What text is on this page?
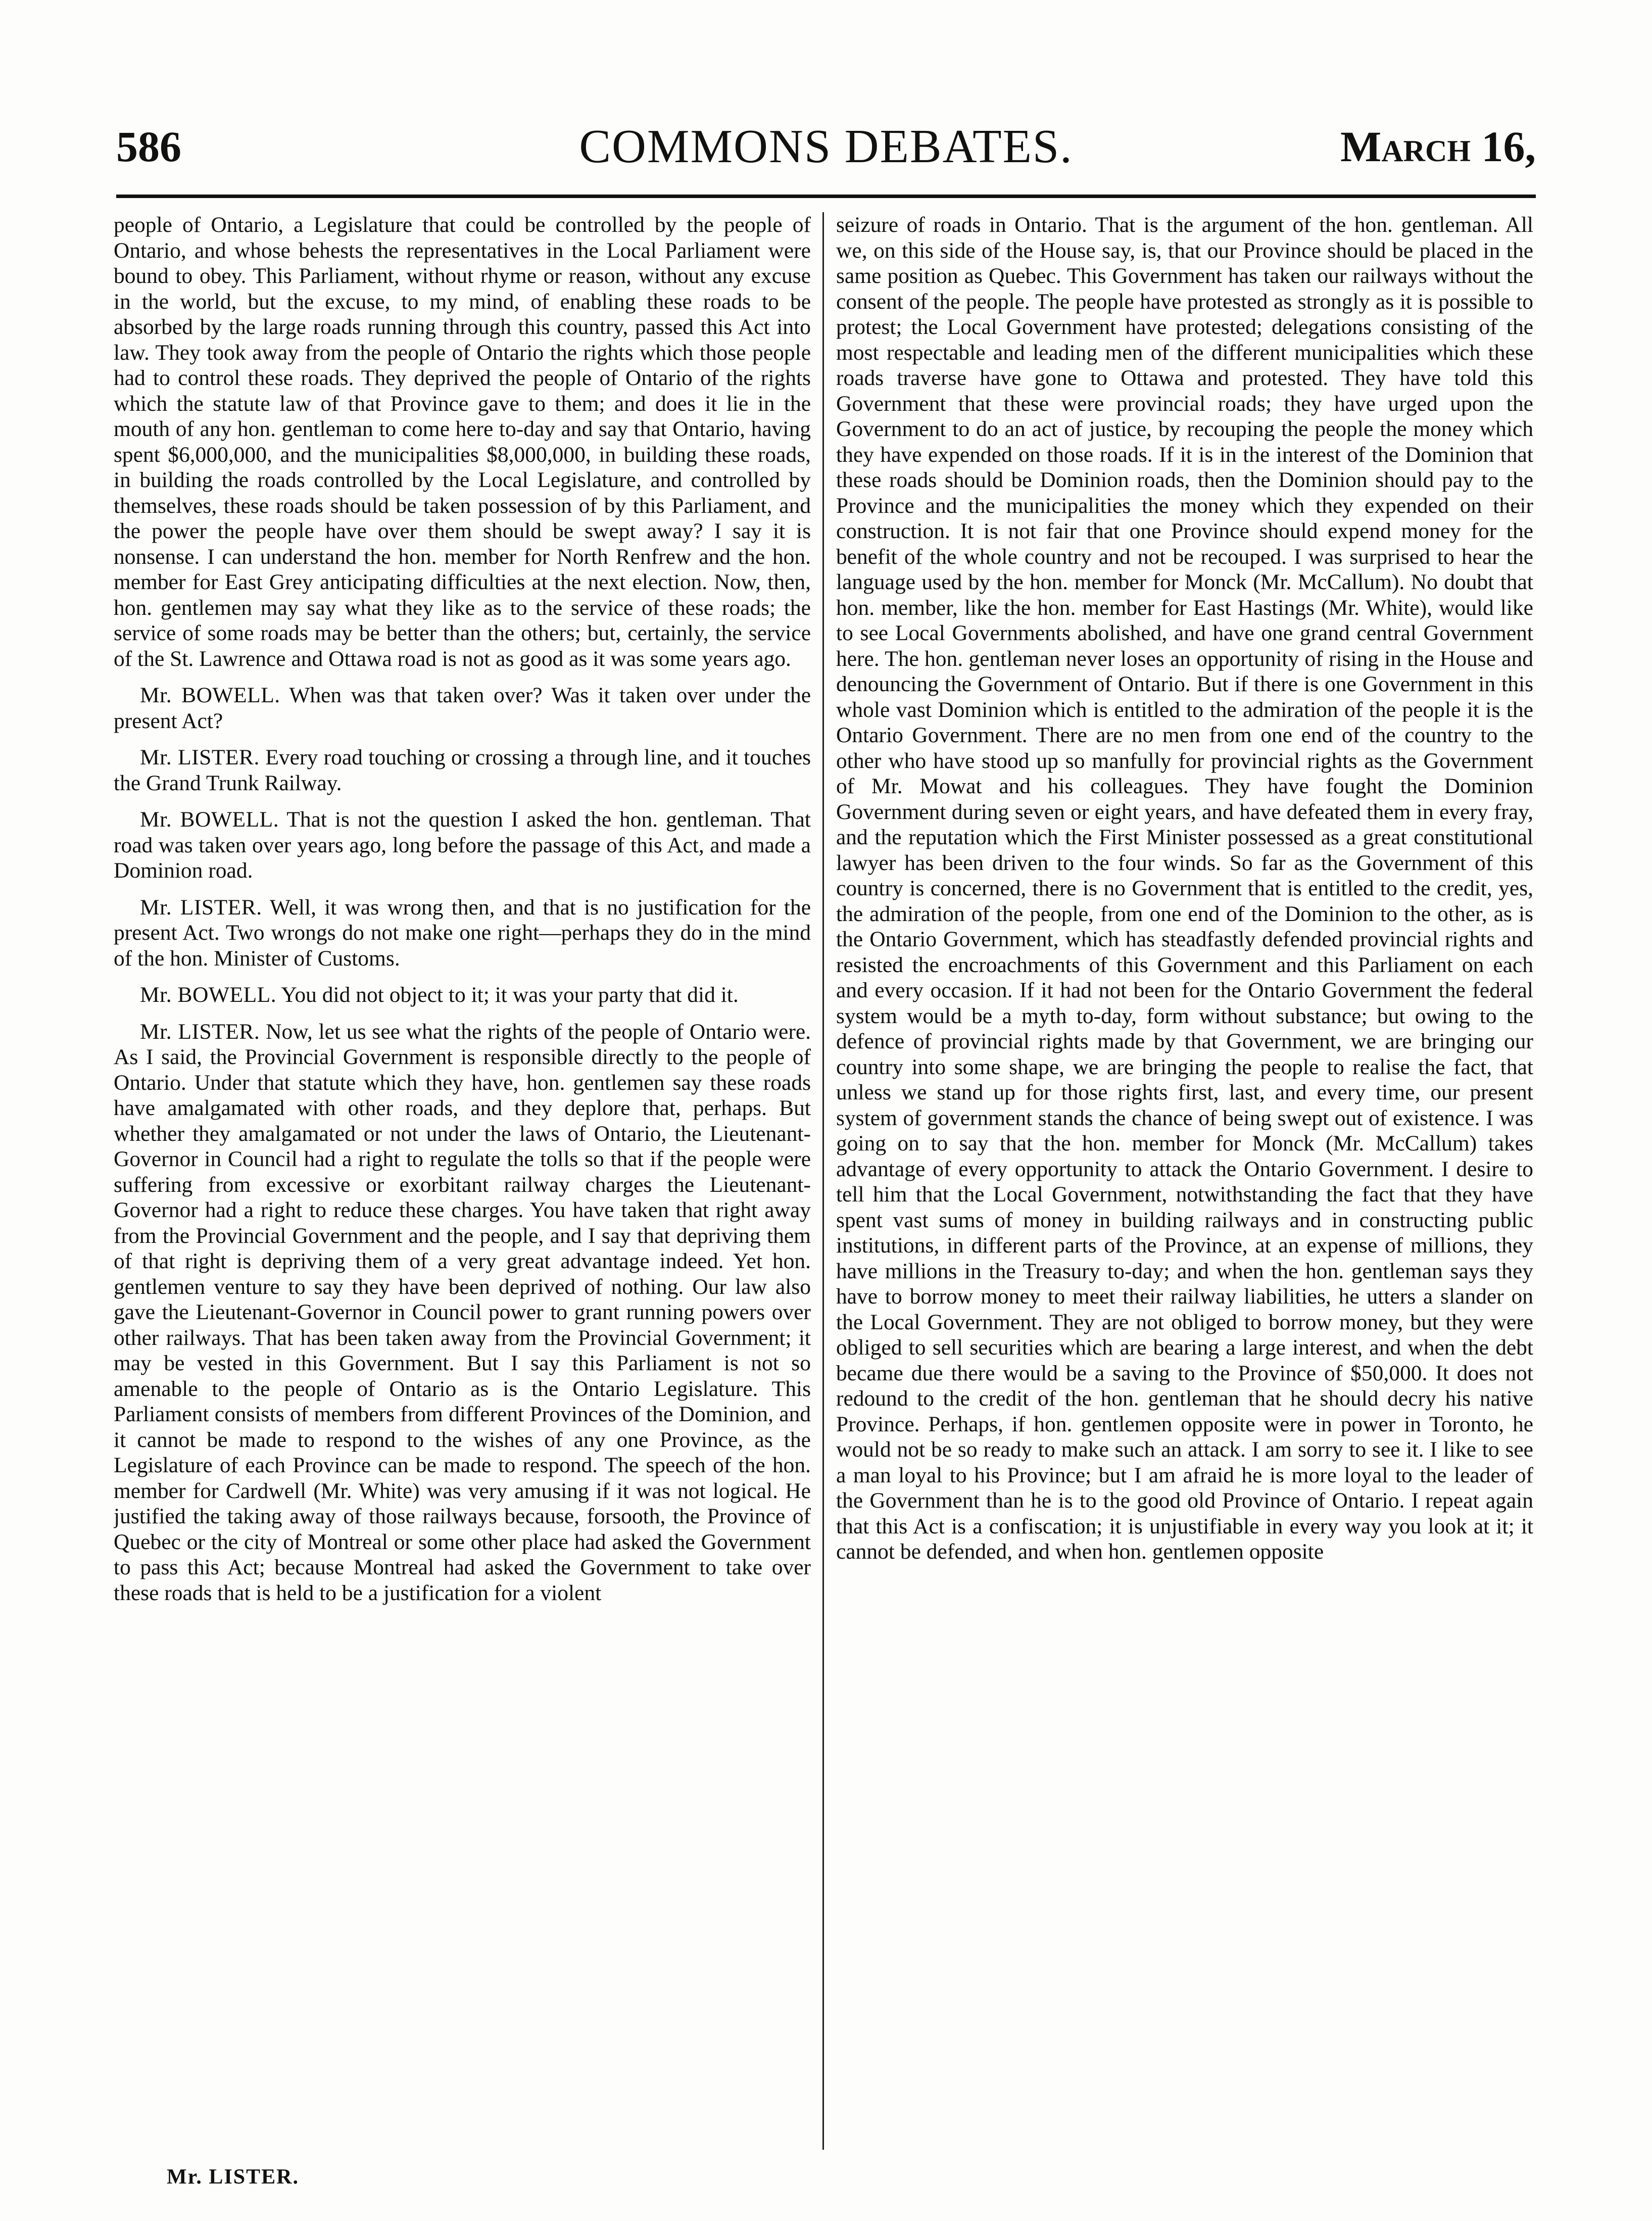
586	COMMONS DEBATES.	March 16,

people of Ontario, a Legislature that could be controlled by the people of Ontario, and whose behests the representatives in the Local Parliament were bound to obey. This Parliament, without rhyme or reason, without any excuse in the world, but the excuse, to my mind, of enabling these roads to be absorbed by the large roads running through this country, passed this Act into law. They took away from the people of Ontario the rights which those people had to control these roads. They deprived the people of Ontario of the rights which the statute law of that Province gave to them; and does it lie in the mouth of any hon. gentleman to come here to-day and say that Ontario, having spent $6,000,000, and the municipalities $8,000,000, in building these roads, in building the roads controlled by the Local Legislature, and controlled by themselves, these roads should be taken possession of by this Parliament, and the power the people have over them should be swept away? I say it is nonsense. I can understand the hon. member for North Renfrew and the hon. member for East Grey anticipating difficulties at the next election. Now, then, hon. gentlemen may say what they like as to the service of these roads; the service of some roads may be better than the others; but, certainly, the service of the St. Lawrence and Ottawa road is not as good as it was some years ago.

Mr. BOWELL. When was that taken over? Was it taken over under the present Act?

Mr. LISTER. Every road touching or crossing a through line, and it touches the Grand Trunk Railway.

Mr. BOWELL. That is not the question I asked the hon. gentleman. That road was taken over years ago, long before the passage of this Act, and made a Dominion road.

Mr. LISTER. Well, it was wrong then, and that is no justification for the present Act. Two wrongs do not make one right—perhaps they do in the mind of the hon. Minister of Customs.

Mr. BOWELL. You did not object to it; it was your party that did it.

Mr. LISTER. Now, let us see what the rights of the people of Ontario were. As I said, the Provincial Government is responsible directly to the people of Ontario. Under that statute which they have, hon. gentlemen say these roads have amalgamated with other roads, and they deplore that, perhaps. But whether they amalgamated or not under the laws of Ontario, the Lieutenant-Governor in Council had a right to regulate the tolls so that if the people were suffering from excessive or exorbitant railway charges the Lieutenant-Governor had a right to reduce these charges. You have taken that right away from the Provincial Government and the people, and I say that depriving them of that right is depriving them of a very great advantage indeed. Yet hon. gentlemen venture to say they have been deprived of nothing. Our law also gave the Lieutenant-Governor in Council power to grant running powers over other railways. That has been taken away from the Provincial Government; it may be vested in this Government. But I say this Parliament is not so amenable to the people of Ontario as is the Ontario Legislature. This Parliament consists of members from different Provinces of the Dominion, and it cannot be made to respond to the wishes of any one Province, as the Legislature of each Province can be made to respond. The speech of the hon. member for Cardwell (Mr. White) was very amusing if it was not logical. He justified the taking away of those railways because, forsooth, the Province of Quebec or the city of Montreal or some other place had asked the Government to pass this Act; because Montreal had asked the Government to take over these roads that is held to be a justification for a violent

seizure of roads in Ontario. That is the argument of the hon. gentleman. All we, on this side of the House say, is, that our Province should be placed in the same position as Quebec. This Government has taken our railways without the consent of the people. The people have protested as strongly as it is possible to protest; the Local Government have protested; delegations consisting of the most respectable and leading men of the different municipalities which these roads traverse have gone to Ottawa and protested. They have told this Government that these were provincial roads; they have urged upon the Government to do an act of justice, by recouping the people the money which they have expended on those roads. If it is in the interest of the Dominion that these roads should be Dominion roads, then the Dominion should pay to the Province and the municipalities the money which they expended on their construction. It is not fair that one Province should expend money for the benefit of the whole country and not be recouped. I was surprised to hear the language used by the hon. member for Monck (Mr. McCallum). No doubt that hon. member, like the hon. member for East Hastings (Mr. White), would like to see Local Governments abolished, and have one grand central Government here. The hon. gentleman never loses an opportunity of rising in the House and denouncing the Government of Ontario. But if there is one Government in this whole vast Dominion which is entitled to the admiration of the people it is the Ontario Government. There are no men from one end of the country to the other who have stood up so manfully for provincial rights as the Government of Mr. Mowat and his colleagues. They have fought the Dominion Government during seven or eight years, and have defeated them in every fray, and the reputation which the First Minister possessed as a great constitutional lawyer has been driven to the four winds. So far as the Government of this country is concerned, there is no Government that is entitled to the credit, yes, the admiration of the people, from one end of the Dominion to the other, as is the Ontario Government, which has steadfastly defended provincial rights and resisted the encroachments of this Government and this Parliament on each and every occasion. If it had not been for the Ontario Government the federal system would be a myth to-day, form without substance; but owing to the defence of provincial rights made by that Government, we are bringing our country into some shape, we are bringing the people to realise the fact, that unless we stand up for those rights first, last, and every time, our present system of government stands the chance of being swept out of existence. I was going on to say that the hon. member for Monck (Mr. McCallum) takes advantage of every opportunity to attack the Ontario Government. I desire to tell him that the Local Government, notwithstanding the fact that they have spent vast sums of money in building railways and in constructing public institutions, in different parts of the Province, at an expense of millions, they have millions in the Treasury to-day; and when the hon. gentleman says they have to borrow money to meet their railway liabilities, he utters a slander on the Local Government. They are not obliged to borrow money, but they were obliged to sell securities which are bearing a large interest, and when the debt became due there would be a saving to the Province of $50,000. It does not redound to the credit of the hon. gentleman that he should decry his native Province. Perhaps, if hon. gentlemen opposite were in power in Toronto, he would not be so ready to make such an attack. I am sorry to see it. I like to see a man loyal to his Province; but I am afraid he is more loyal to the leader of the Government than he is to the good old Province of Ontario. I repeat again that this Act is a confiscation; it is unjustifiable in every way you look at it; it cannot be defended, and when hon. gentlemen opposite

Mr. LISTER.
